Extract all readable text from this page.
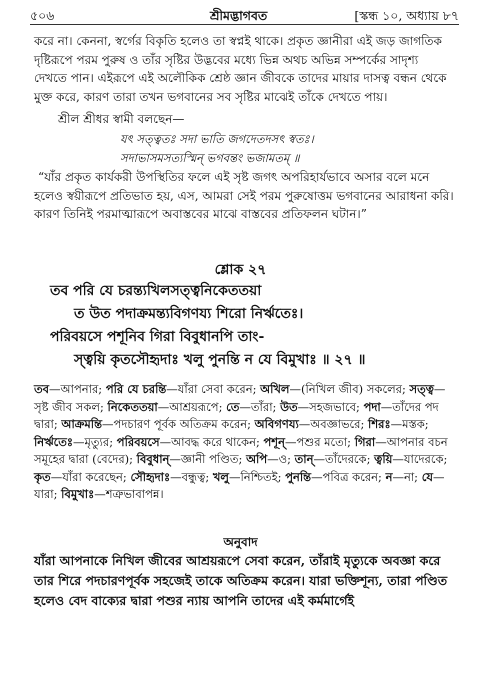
৫০৬	শ্রীমদ্ভাগবত	[স্কন্ধ ১০, অধ্যায় ৮৭
করে না। কেননা, স্বর্গের বিকৃতি হলেও তা স্বপ্নই থাকে। প্রকৃত জ্ঞানীরা এই জড় জাগতিক দৃষ্টিরূপে পরম পুরুষ ও তাঁর সৃষ্টির উদ্ভবের মধ্যে ভিন্ন অথচ অভিন্ন সম্পর্কের সাদৃশ্য দেখতে পান। এইরূপে এই অলৌকিক শ্রেষ্ঠ জ্ঞান জীবকে তাদের মায়ার দাসত্ব বন্ধন থেকে মুক্ত করে, কারণ তারা তখন ভগবানের সব সৃষ্টির মাঝেই তাঁকে দেখতে পায়।
শ্রীল শ্রীধর স্বামী বলছেন—
যৎ সত্ত্বতঃ সদা ভাতি জগদেতদসৎ স্বতঃ।
সদাভাসমসত্যস্মিন্ ভগবন্তং ভজামতম্ ॥
“যাঁর প্রকৃত কার্যকরী উপস্থিতির ফলে এই সৃষ্ট জগৎ অপরিহার্যভাবে অসার বলে মনে হলেও স্বয়ীরূপে প্রতিভাত হয়, এস, আমরা সেই পরম পুরুষোত্তম ভগবানের আরাধনা করি। কারণ তিনিই পরমাত্মারূপে অবাস্তবের মাঝে বাস্তবের প্রতিফলন ঘটান।”
শ্লোক ২৭
তব পরি যে চরন্ত্যখিলসত্ত্বনিকেততয়া
ত উত পদাক্রমন্ত্যবিগণয্য শিরো নির্ঋতেঃ।
পরিবয়সে পশূনিব গিরা বিবুধানপি তাং-
স্ত্বয়ি কৃতসৌহৃদাঃ খলু পুনন্তি ন যে বিমুখাঃ ॥ ২৭ ॥
তব—আপনার; পরি যে চরন্তি—যাঁরা সেবা করেন; অখিল—(নিখিল জীব) সকলের; সত্ত্ব—সৃষ্ট জীব সকল; নিকেততয়া—আশ্রয়রূপে; তে—তাঁরা; উত—সহজভাবে; পদা—তাঁদের পদ দ্বারা; আক্রমন্তি—পদচারণ পূর্বক অতিক্রম করেন; অবিগণয্য—অবজ্ঞাভরে; শিরঃ—মস্তক; নির্ঋতেঃ—মৃত্যুর; পরিবয়সে—আবদ্ধ করে থাকেন; পশূন্—পশুর মতো; গিরা—আপনার বচন সমূহের দ্বারা (বেদের); বিবুধান্—জ্ঞানী পণ্ডিত; অপি—ও; তান্—তাঁদেরকে; ত্বয়ি—যাদেরকে; কৃত—যাঁরা করেছেন; সৌহৃদাঃ—বন্ধুত্ব; খলু—নিশ্চিতই; পুনন্তি—পবিত্র করেন; ন—না; যে—যারা; বিমুখাঃ—শত্রুভাবাপন্ন।
অনুবাদ
যাঁরা আপনাকে নিখিল জীবের আশ্রয়রূপে সেবা করেন, তাঁরাই মৃত্যুকে অবজ্ঞা করে তার শিরে পদচারণপূর্বক সহজেই তাকে অতিক্রম করেন। যারা ভক্তিশূন্য, তারা পণ্ডিত হলেও বেদ বাক্যের দ্বারা পশুর ন্যায় আপনি তাদের এই কর্মমার্গেই
